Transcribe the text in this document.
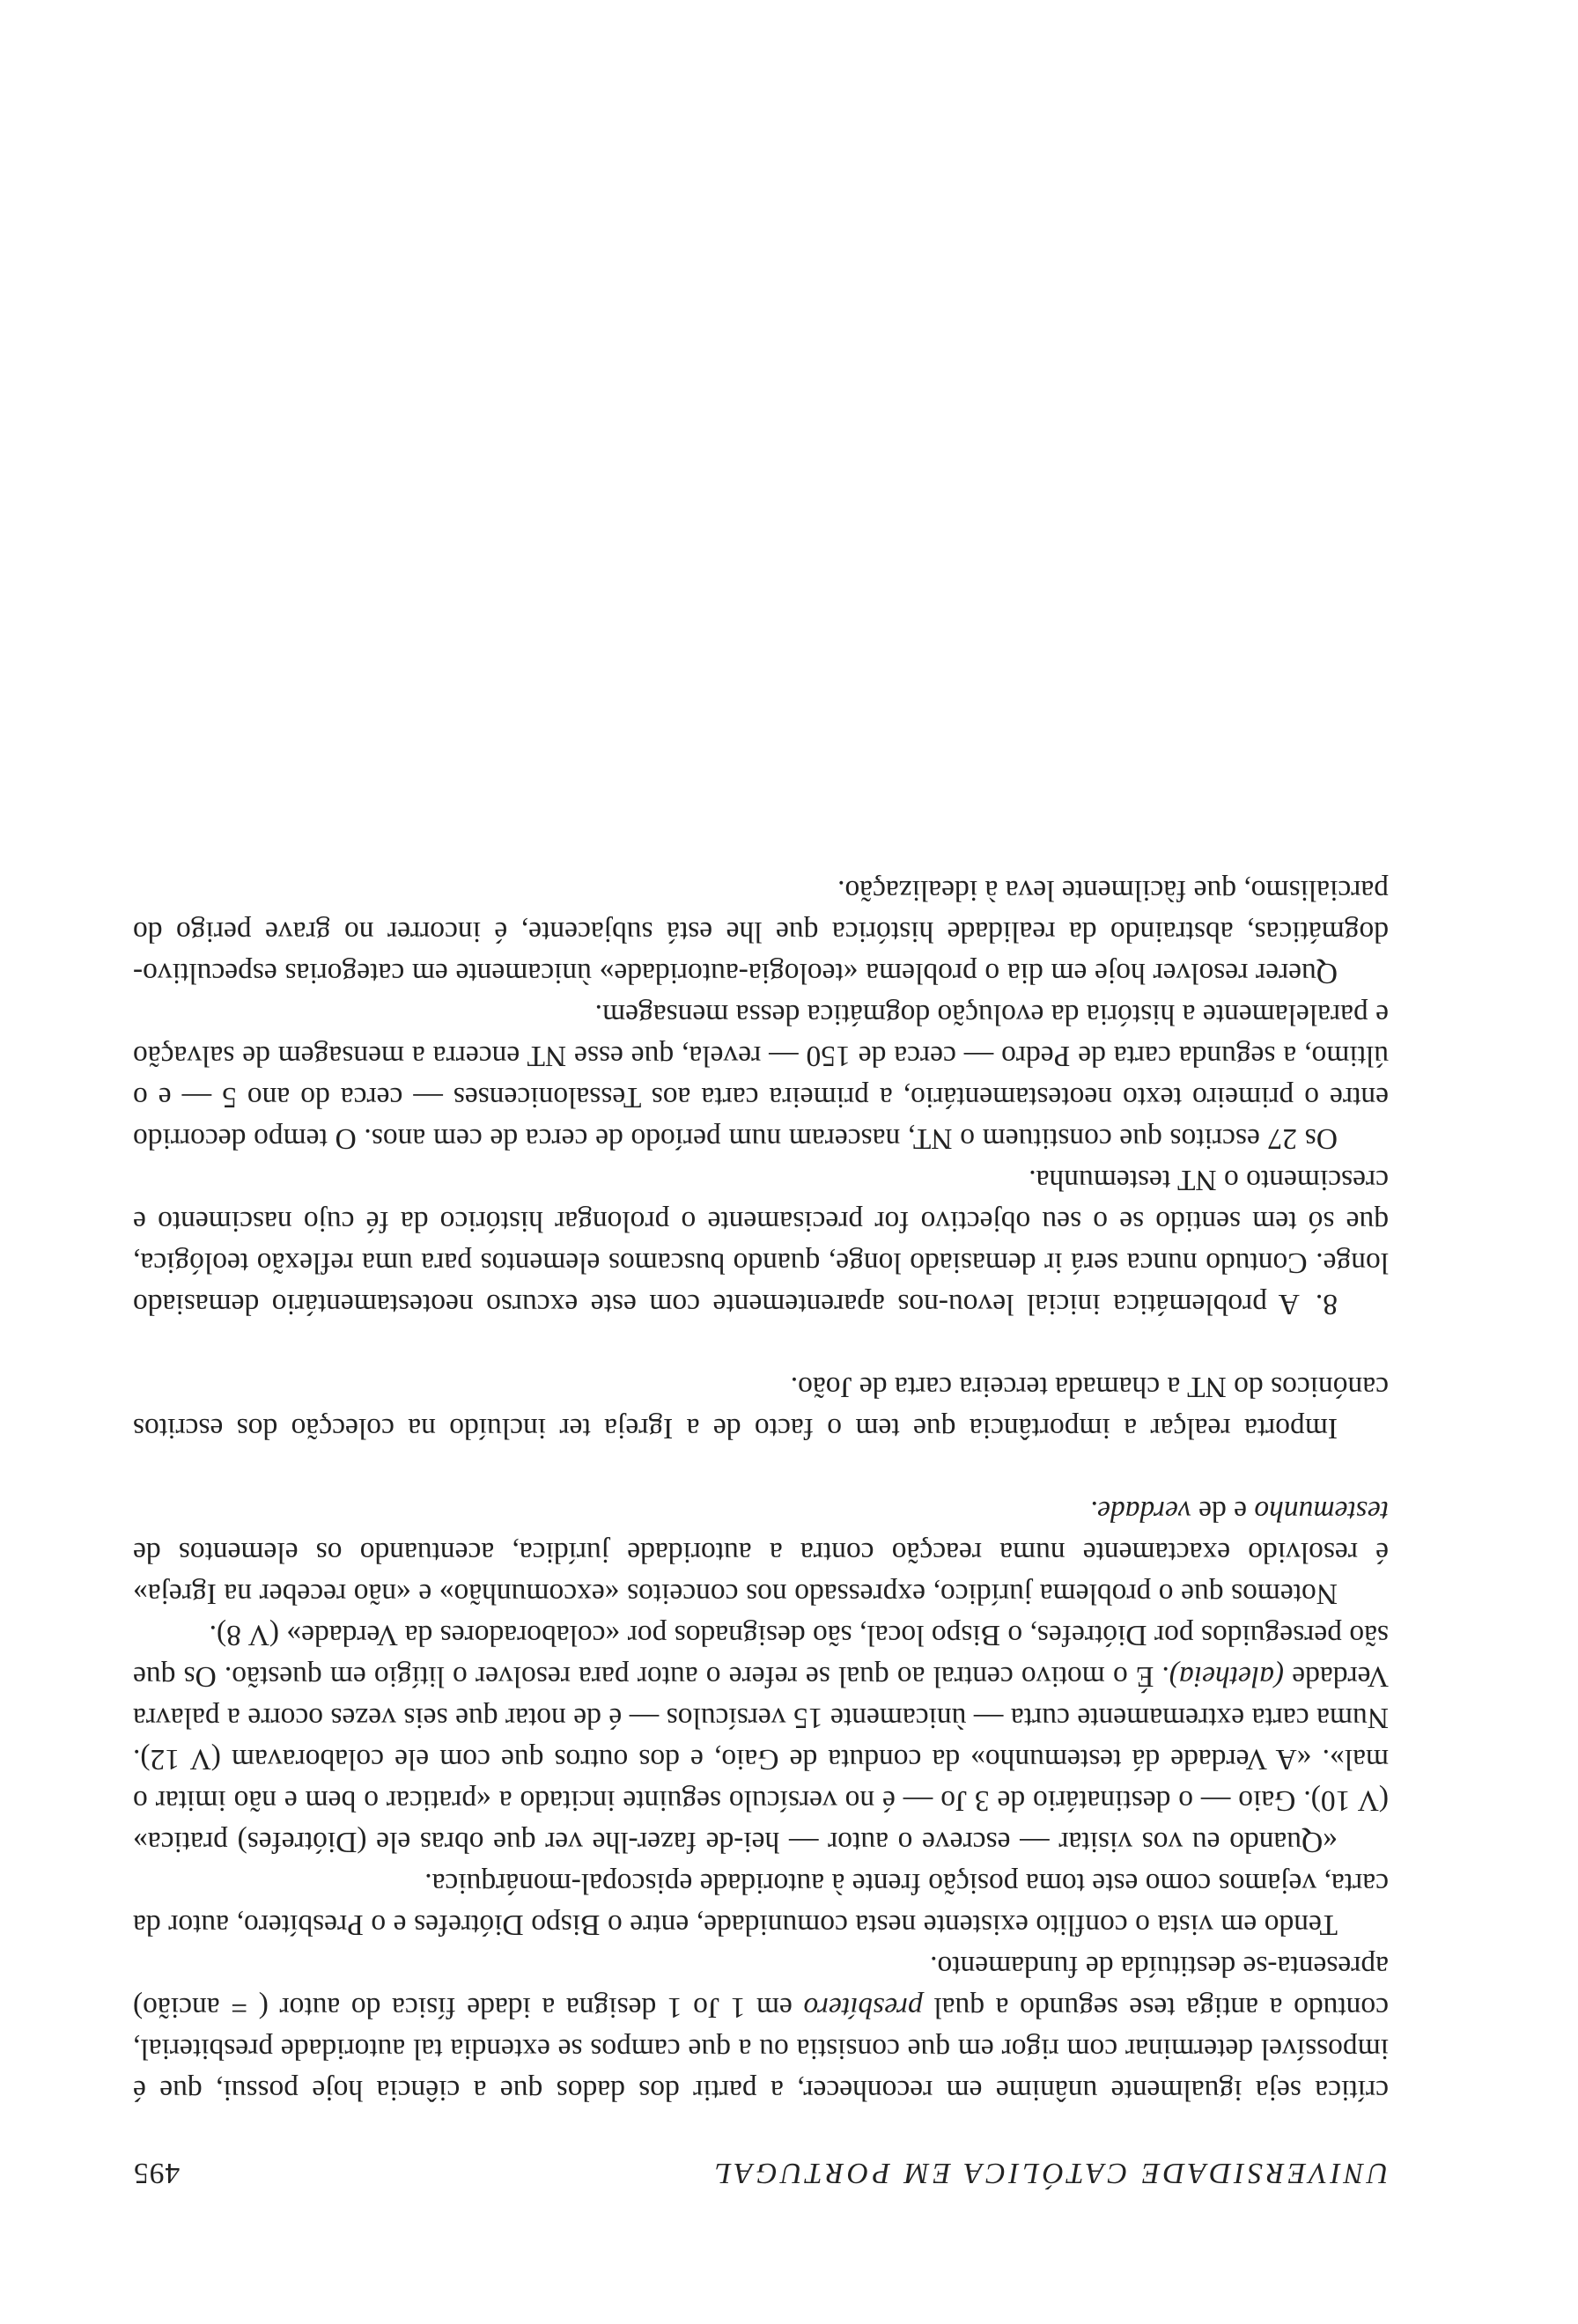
UNIVERSIDADE CATÓLICA EM PORTUGAL
495

crítica seja igualmente unânime em reconhecer, a partir dos dados que a ciência hoje possui, que é impossível determinar com rigor em que consistia ou a que campos se extendia tal autoridade presbiterial, contudo a antiga tese segundo a qual presbítero em 1 Jo 1 designa a idade física do autor ( = ancião) apresenta-se destituída de fundamento.

Tendo em vista o conflito existente nesta comunidade, entre o Bispo Diótrefes e o Presbítero, autor da carta, vejamos como este toma posição frente à autoridade episcopal-monárquica.

«Quando eu vos visitar — escreve o autor — hei-de fazer-lhe ver que obras ele (Diótrefes) pratica» (V 10). Gaio — o destinatário de 3 Jo — é no versículo seguinte incitado a «praticar o bem e não imitar o mal». «A Verdade dá testemunho» da conduta de Gaio, e dos outros que com ele colaboravam (V 12). Numa carta extremamente curta — ùnicamente 15 versículos — é de notar que seis vezes ocorre a palavra Verdade (aletheia). É o motivo central ao qual se refere o autor para resolver o litígio em questão. Os que são perseguidos por Diótrefes, o Bispo local, são designados por «colaboradores da Verdade» (V 8).

Notemos que o problema jurídico, expressado nos conceitos «excomunhão» e «não receber na Igreja» é resolvido exactamente numa reacção contra a autoridade jurídica, acentuando os elementos de testemunho e de verdade.

Importa realçar a importância que tem o facto de a Igreja ter incluído na colecção dos escritos canónicos do NT a chamada terceira carta de João.

8.A problemática inicial levou-nos aparentemente com este excurso neotestamentário demasiado longe. Contudo nunca será ir demasiado longe, quando buscamos elementos para uma reflexão teológica, que só tem sentido se o seu objectivo for precisamente o prolongar histórico da fé cujo nascimento e crescimento o NT testemunha.

Os 27 escritos que constituem o NT, nasceram num período de cerca de cem anos. O tempo decorrido entre o primeiro texto neotestamentário, a primeira carta aos Tessalonicenses — cerca do ano 5 — e o último, a segunda carta de Pedro — cerca de 150 — revela, que esse NT encerra a mensagem de salvação e paralelamente a história da evolução dogmática dessa mensagem.

Querer resolver hoje em dia o problema «teologia-autoridade» ùnicamente em categorias especultivo-dogmáticas, abstraindo da realidade histórica que lhe está subjacente, é incorrer no grave perigo do parcialismo, que fàcilmente leva à idealização.
